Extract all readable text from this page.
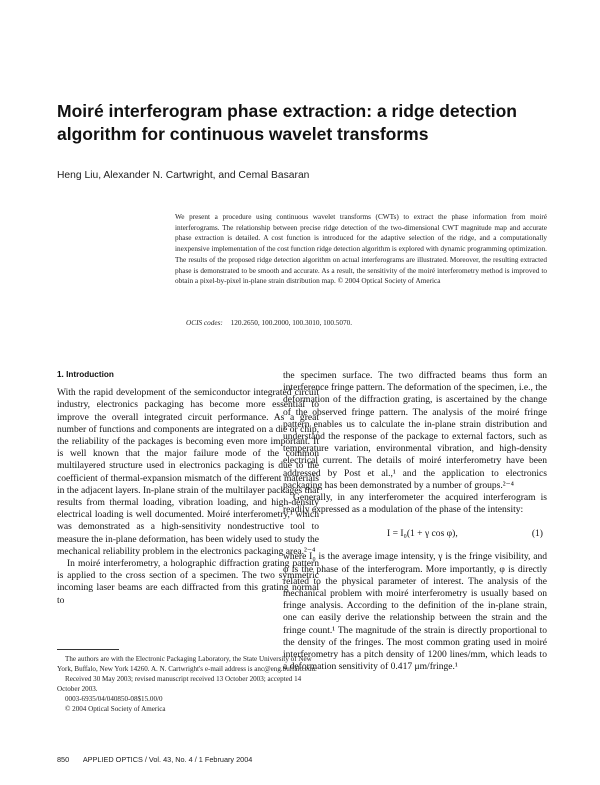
Moiré interferogram phase extraction: a ridge detection algorithm for continuous wavelet transforms
Heng Liu, Alexander N. Cartwright, and Cemal Basaran

We present a procedure using continuous wavelet transforms (CWTs) to extract the phase information from moiré interferograms. The relationship between precise ridge detection of the two-dimensional CWT magnitude map and accurate phase extraction is detailed. A cost function is introduced for the adaptive selection of the ridge, and a computationally inexpensive implementation of the cost function ridge detection algorithm is explored with dynamic programming optimization. The results of the proposed ridge detection algorithm on actual interferograms are illustrated. Moreover, the resulting extracted phase is demonstrated to be smooth and accurate. As a result, the sensitivity of the moiré interferometry method is improved to obtain a pixel-by-pixel in-plane strain distribution map. © 2004 Optical Society of America

OCIS codes: 120.2650, 100.2000, 100.3010, 100.5070.
1. Introduction

With the rapid development of the semiconductor integrated circuit industry, electronics packaging has become more essential to improve the overall integrated circuit performance. As a great number of functions and components are integrated on a die or chip, the reliability of the packages is becoming even more important. It is well known that the major failure mode of the common multilayered structure used in electronics packaging is due to the coefficient of thermal-expansion mismatch of the different materials in the adjacent layers. In-plane strain of the multilayer packages that results from thermal loading, vibration loading, and high-density electrical loading is well documented. Moiré interferometry,¹ which was demonstrated as a high-sensitivity nondestructive tool to measure the in-plane deformation, has been widely used to study the mechanical reliability problem in the electronics packaging area.²⁻⁴

In moiré interferometry, a holographic diffraction grating pattern is applied to the cross section of a specimen. The two symmetric incoming laser beams are each diffracted from this grating normal to

the specimen surface. The two diffracted beams thus form an interference fringe pattern. The deformation of the specimen, i.e., the deformation of the diffraction grating, is ascertained by the change of the observed fringe pattern. The analysis of the moiré fringe pattern enables us to calculate the in-plane strain distribution and understand the response of the package to external factors, such as temperature variation, environmental vibration, and high-density electrical current. The details of moiré interferometry have been addressed by Post et al.,¹ and the application to electronics packaging has been demonstrated by a number of groups.²⁻⁴

Generally, in any interferometer the acquired interferogram is readily expressed as a modulation of the phase of the intensity:

I = I₀(1 + γ cos φ),	(1)

where I₀ is the average image intensity, γ is the fringe visibility, and φ is the phase of the interferogram. More importantly, φ is directly related to the physical parameter of interest. The analysis of the mechanical problem with moiré interferometry is usually based on fringe analysis. According to the definition of the in-plane strain, one can easily derive the relationship between the strain and the fringe count.¹ The magnitude of the strain is directly proportional to the density of the fringes. The most common grating used in moiré interferometry has a pitch density of 1200 lines/mm, which leads to a deformation sensitivity of 0.417 μm/fringe.¹

The authors are with the Electronic Packaging Laboratory, the State University of New York, Buffalo, New York 14260. A. N. Cartwright's e-mail address is anc@eng.buffalo.edu.

Received 30 May 2003; revised manuscript received 13 October 2003; accepted 14 October 2003.

0003-6935/04/040850-08$15.00/0

© 2004 Optical Society of America

850 APPLIED OPTICS / Vol. 43, No. 4 / 1 February 2004
